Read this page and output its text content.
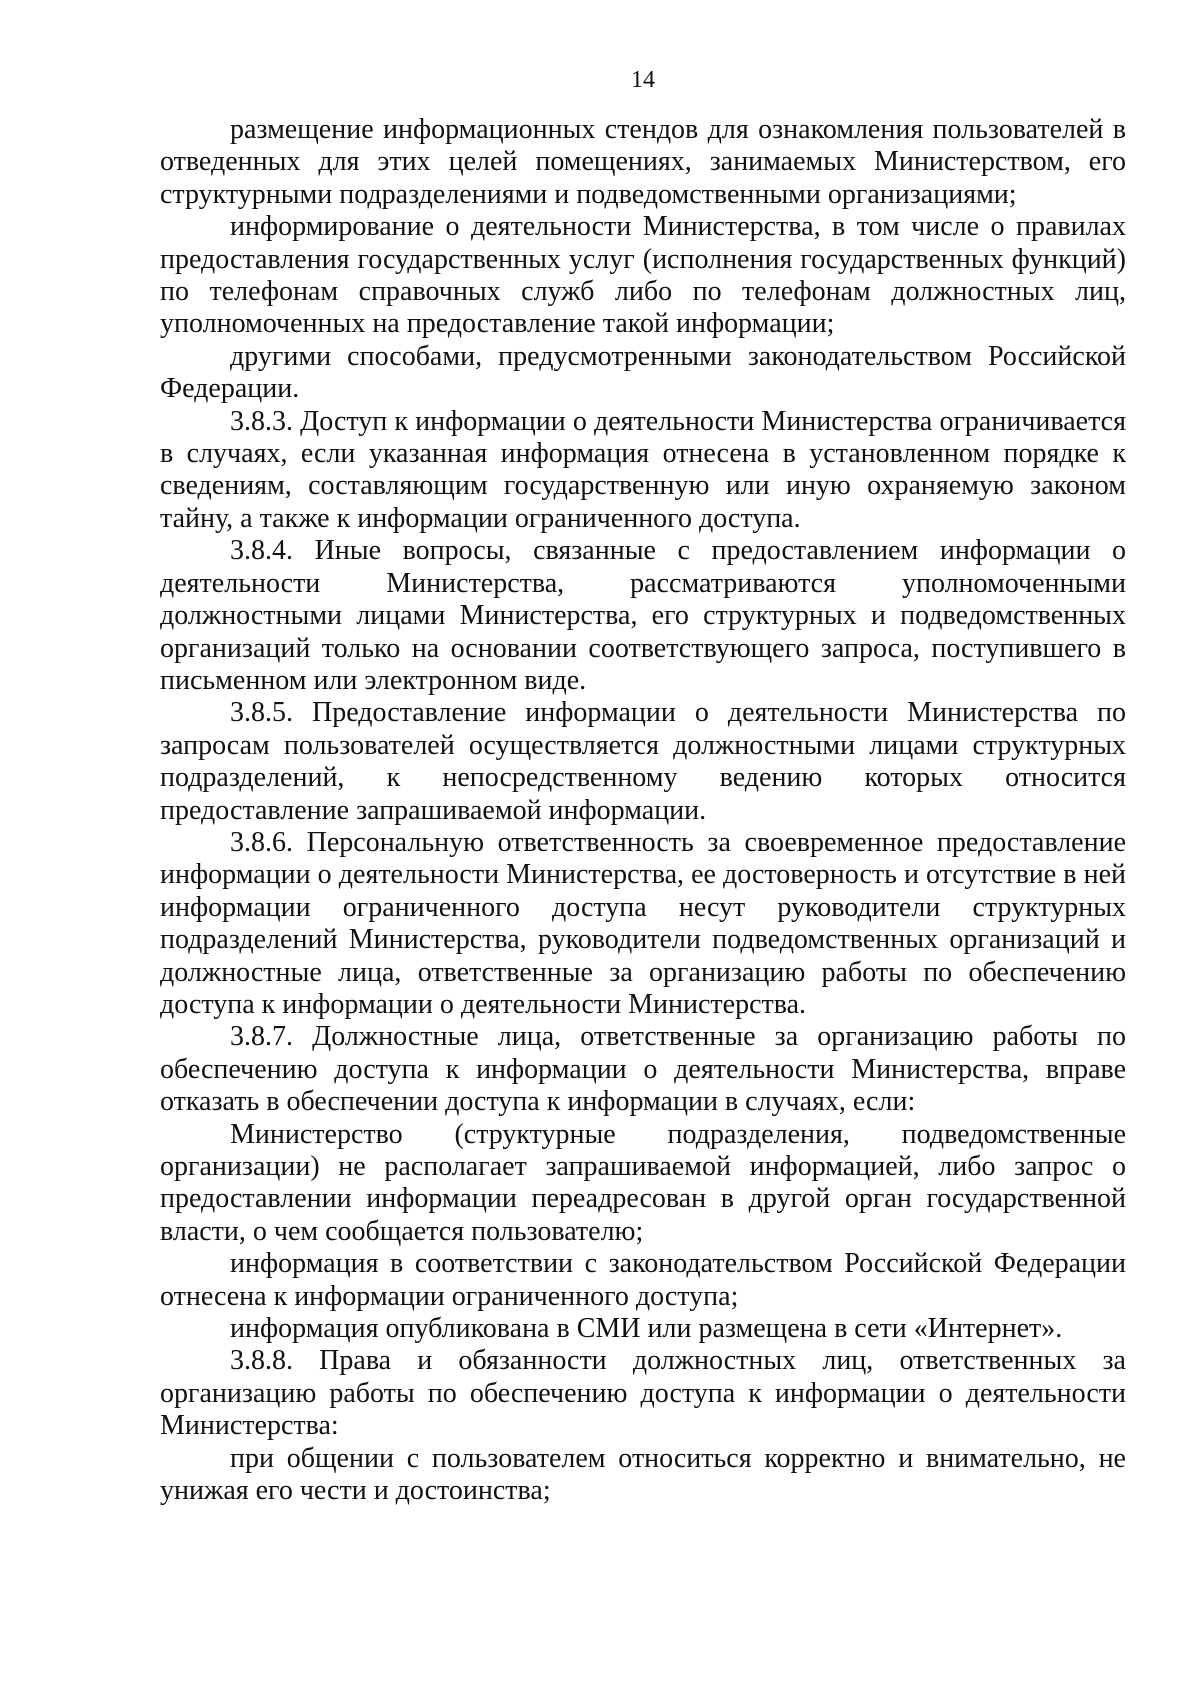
14

размещение информационных стендов для ознакомления пользователей в отведенных для этих целей помещениях, занимаемых Министерством, его структурными подразделениями и подведомственными организациями;

информирование о деятельности Министерства, в том числе о правилах предоставления государственных услуг (исполнения государственных функций) по телефонам справочных служб либо по телефонам должностных лиц, уполномоченных на предоставление такой информации;

другими способами, предусмотренными законодательством Российской Федерации.

3.8.3. Доступ к информации о деятельности Министерства ограничивается в случаях, если указанная информация отнесена в установленном порядке к сведениям, составляющим государственную или иную охраняемую законом тайну, а также к информации ограниченного доступа.

3.8.4. Иные вопросы, связанные с предоставлением информации о деятельности Министерства, рассматриваются уполномоченными должностными лицами Министерства, его структурных и подведомственных организаций только на основании соответствующего запроса, поступившего в письменном или электронном виде.

3.8.5. Предоставление информации о деятельности Министерства по запросам пользователей осуществляется должностными лицами структурных подразделений, к непосредственному ведению которых относится предоставление запрашиваемой информации.

3.8.6. Персональную ответственность за своевременное предоставление информации о деятельности Министерства, ее достоверность и отсутствие в ней информации ограниченного доступа несут руководители структурных подразделений Министерства, руководители подведомственных организаций и должностные лица, ответственные за организацию работы по обеспечению доступа к информации о деятельности Министерства.

3.8.7. Должностные лица, ответственные за организацию работы по обеспечению доступа к информации о деятельности Министерства, вправе отказать в обеспечении доступа к информации в случаях, если:

Министерство (структурные подразделения, подведомственные организации) не располагает запрашиваемой информацией, либо запрос о предоставлении информации переадресован в другой орган государственной власти, о чем сообщается пользователю;

информация в соответствии с законодательством Российской Федерации отнесена к информации ограниченного доступа;

информация опубликована в СМИ или размещена в сети «Интернет».

3.8.8. Права и обязанности должностных лиц, ответственных за организацию работы по обеспечению доступа к информации о деятельности Министерства:

при общении с пользователем относиться корректно и внимательно, не унижая его чести и достоинства;
